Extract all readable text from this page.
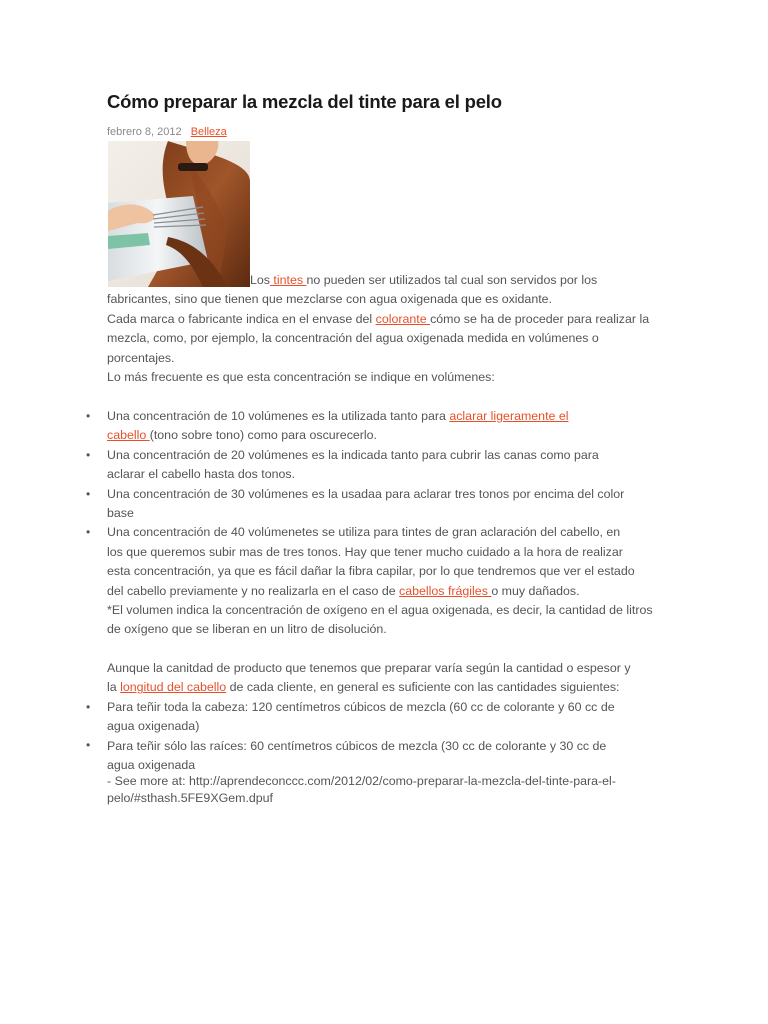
Cómo preparar la mezcla del tinte para el pelo
febrero 8, 2012 Belleza
Los tintes no pueden ser utilizados tal cual son servidos por los
fabricantes, sino que tienen que mezclarse con agua oxigenada que es oxidante.
Cada marca o fabricante indica en el envase del colorante cómo se ha de proceder para realizar la
mezcla, como, por ejemplo, la concentración del agua oxigenada medida en volúmenes o
porcentajes.
Lo más frecuente es que esta concentración se indique en volúmenes:
•
•
•
•
Una concentración de 10 volúmenes es la utilizada tanto para aclarar ligeramente el
cabello (tono sobre tono) como para oscurecerlo.
Una concentración de 20 volúmenes es la indicada tanto para cubrir las canas como para
aclarar el cabello hasta dos tonos.
Una concentración de 30 volúmenes es la usadaa para aclarar tres tonos por encima del color
base
Una concentración de 40 volúmenetes se utiliza para tintes de gran aclaración del cabello, en
los que queremos subir mas de tres tonos. Hay que tener mucho cuidado a la hora de realizar
esta concentración, ya que es fácil dañar la fibra capilar, por lo que tendremos que ver el estado
del cabello previamente y no realizarla en el caso de cabellos frágiles o muy dañados.
*El volumen indica la concentración de oxígeno en el agua oxigenada, es decir, la cantidad de litros
de oxígeno que se liberan en un litro de disolución.
Aunque la canitdad de producto que tenemos que preparar varía según la cantidad o espesor y
la longitud del cabello de cada cliente, en general es suficiente con las cantidades siguientes:
•
•
Para teñir toda la cabeza: 120 centímetros cúbicos de mezcla (60 cc de colorante y 60 cc de
agua oxigenada)
Para teñir sólo las raíces: 60 centímetros cúbicos de mezcla (30 cc de colorante y 30 cc de
agua oxigenada
- See more at: http://aprendeconccc.com/2012/02/como-preparar-la-mezcla-del-tinte-para-el-
pelo/#sthash.5FE9XGem.dpuf
